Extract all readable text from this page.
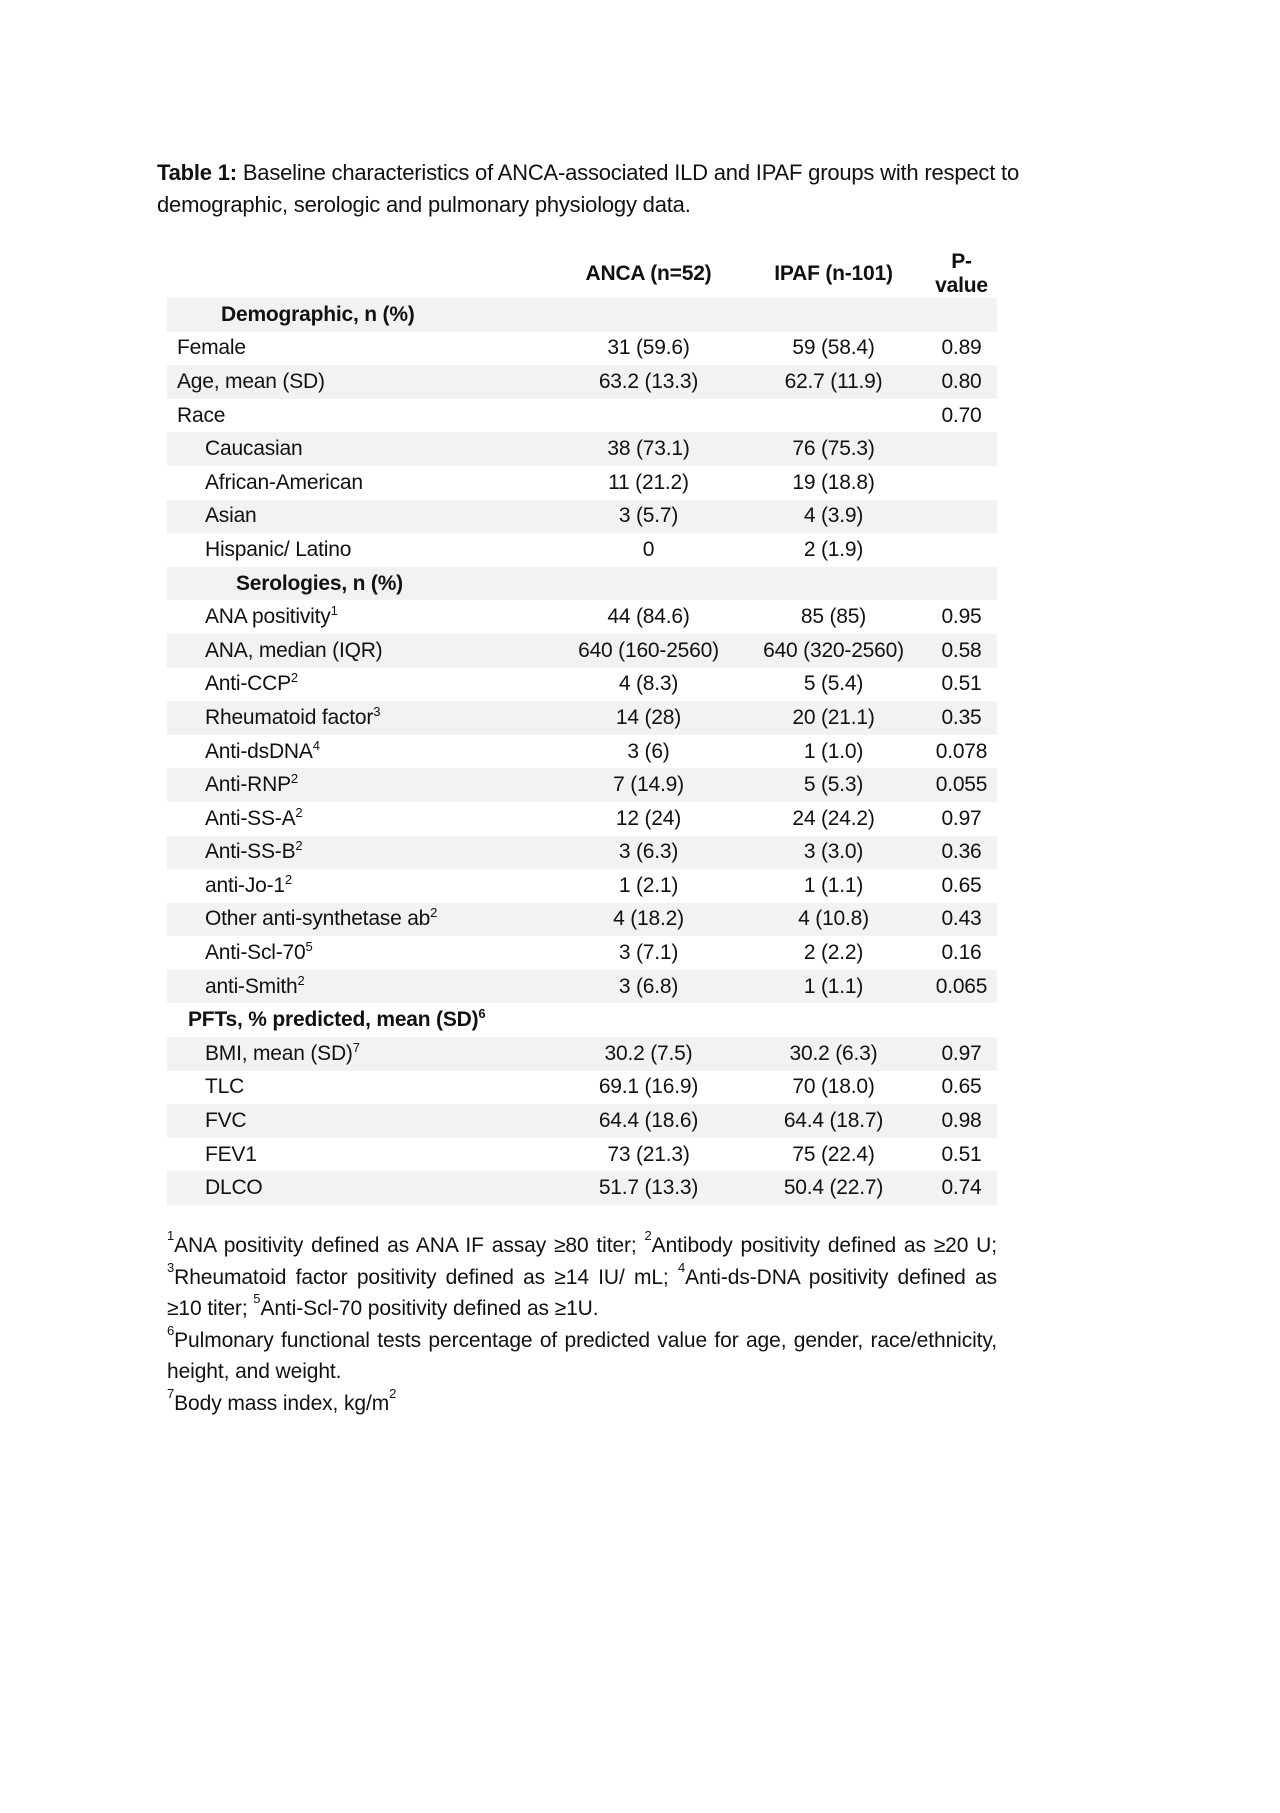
Table 1: Baseline characteristics of ANCA-associated ILD and IPAF groups with respect to demographic, serologic and pulmonary physiology data.
	ANCA (n=52)	IPAF (n-101)	P-value
Demographic, n (%)			
Female	31 (59.6)	59 (58.4)	0.89
Age, mean (SD)	63.2 (13.3)	62.7 (11.9)	0.80
Race			0.70
Caucasian	38 (73.1)	76 (75.3)	
African-American	11 (21.2)	19 (18.8)	
Asian	3 (5.7)	4 (3.9)	
Hispanic/ Latino	0	2 (1.9)	
Serologies, n (%)			
ANA positivity$^1$	44 (84.6)	85 (85)	0.95
ANA, median (IQR)	640 (160-2560)	640 (320-2560)	0.58
Anti-CCP$^2$	4 (8.3)	5 (5.4)	0.51
Rheumatoid factor$^3$	14 (28)	20 (21.1)	0.35
Anti-dsDNA$^4$	3 (6)	1 (1.0)	0.078
Anti-RNP$^2$	7 (14.9)	5 (5.3)	0.055
Anti-$SS-A^2$	12 (24)	24 (24.2)	0.97
Anti-$SS-B^2$	3 (6.3)	3 (3.0)	0.36
anti-$Jo-1^2$	1 (2.1)	1 (1.1)	0.65
Other anti-synthetase $ab^2$	4 (18.2)	4 (10.8)	0.43
Anti-$Scl-70^5$	3 (7.1)	2 (2.2)	0.16
anti-Smith$^2$	3 (6.8)	1 (1.1)	0.065
PFTs, % predicted, mean (SD)$^6$			
BMI, mean (SD)$^7$	30.2 (7.5)	30.2 (6.3)	0.97
TLC	69.1 (16.9)	70 (18.0)	0.65
FVC	64.4 (18.6)	64.4 (18.7)	0.98
FEV1	73 (21.3)	75 (22.4)	0.51
DLCO	51.7 (13.3)	50.4 (22.7)	0.74

$^1$ANA positivity defined as ANA IF assay ≥80 titer; $^2$Antibody positivity defined as ≥20 U; $^3$Rheumatoid factor positivity defined as ≥14 IU/ mL; $^4$Anti-ds-DNA positivity defined as ≥10 titer; $^5$Anti-Scl-70 positivity defined as ≥1U.

$^6$Pulmonary functional tests percentage of predicted value for age, gender, race/ethnicity, height, and weight.

$^7$Body mass index, $kg/m^2$
